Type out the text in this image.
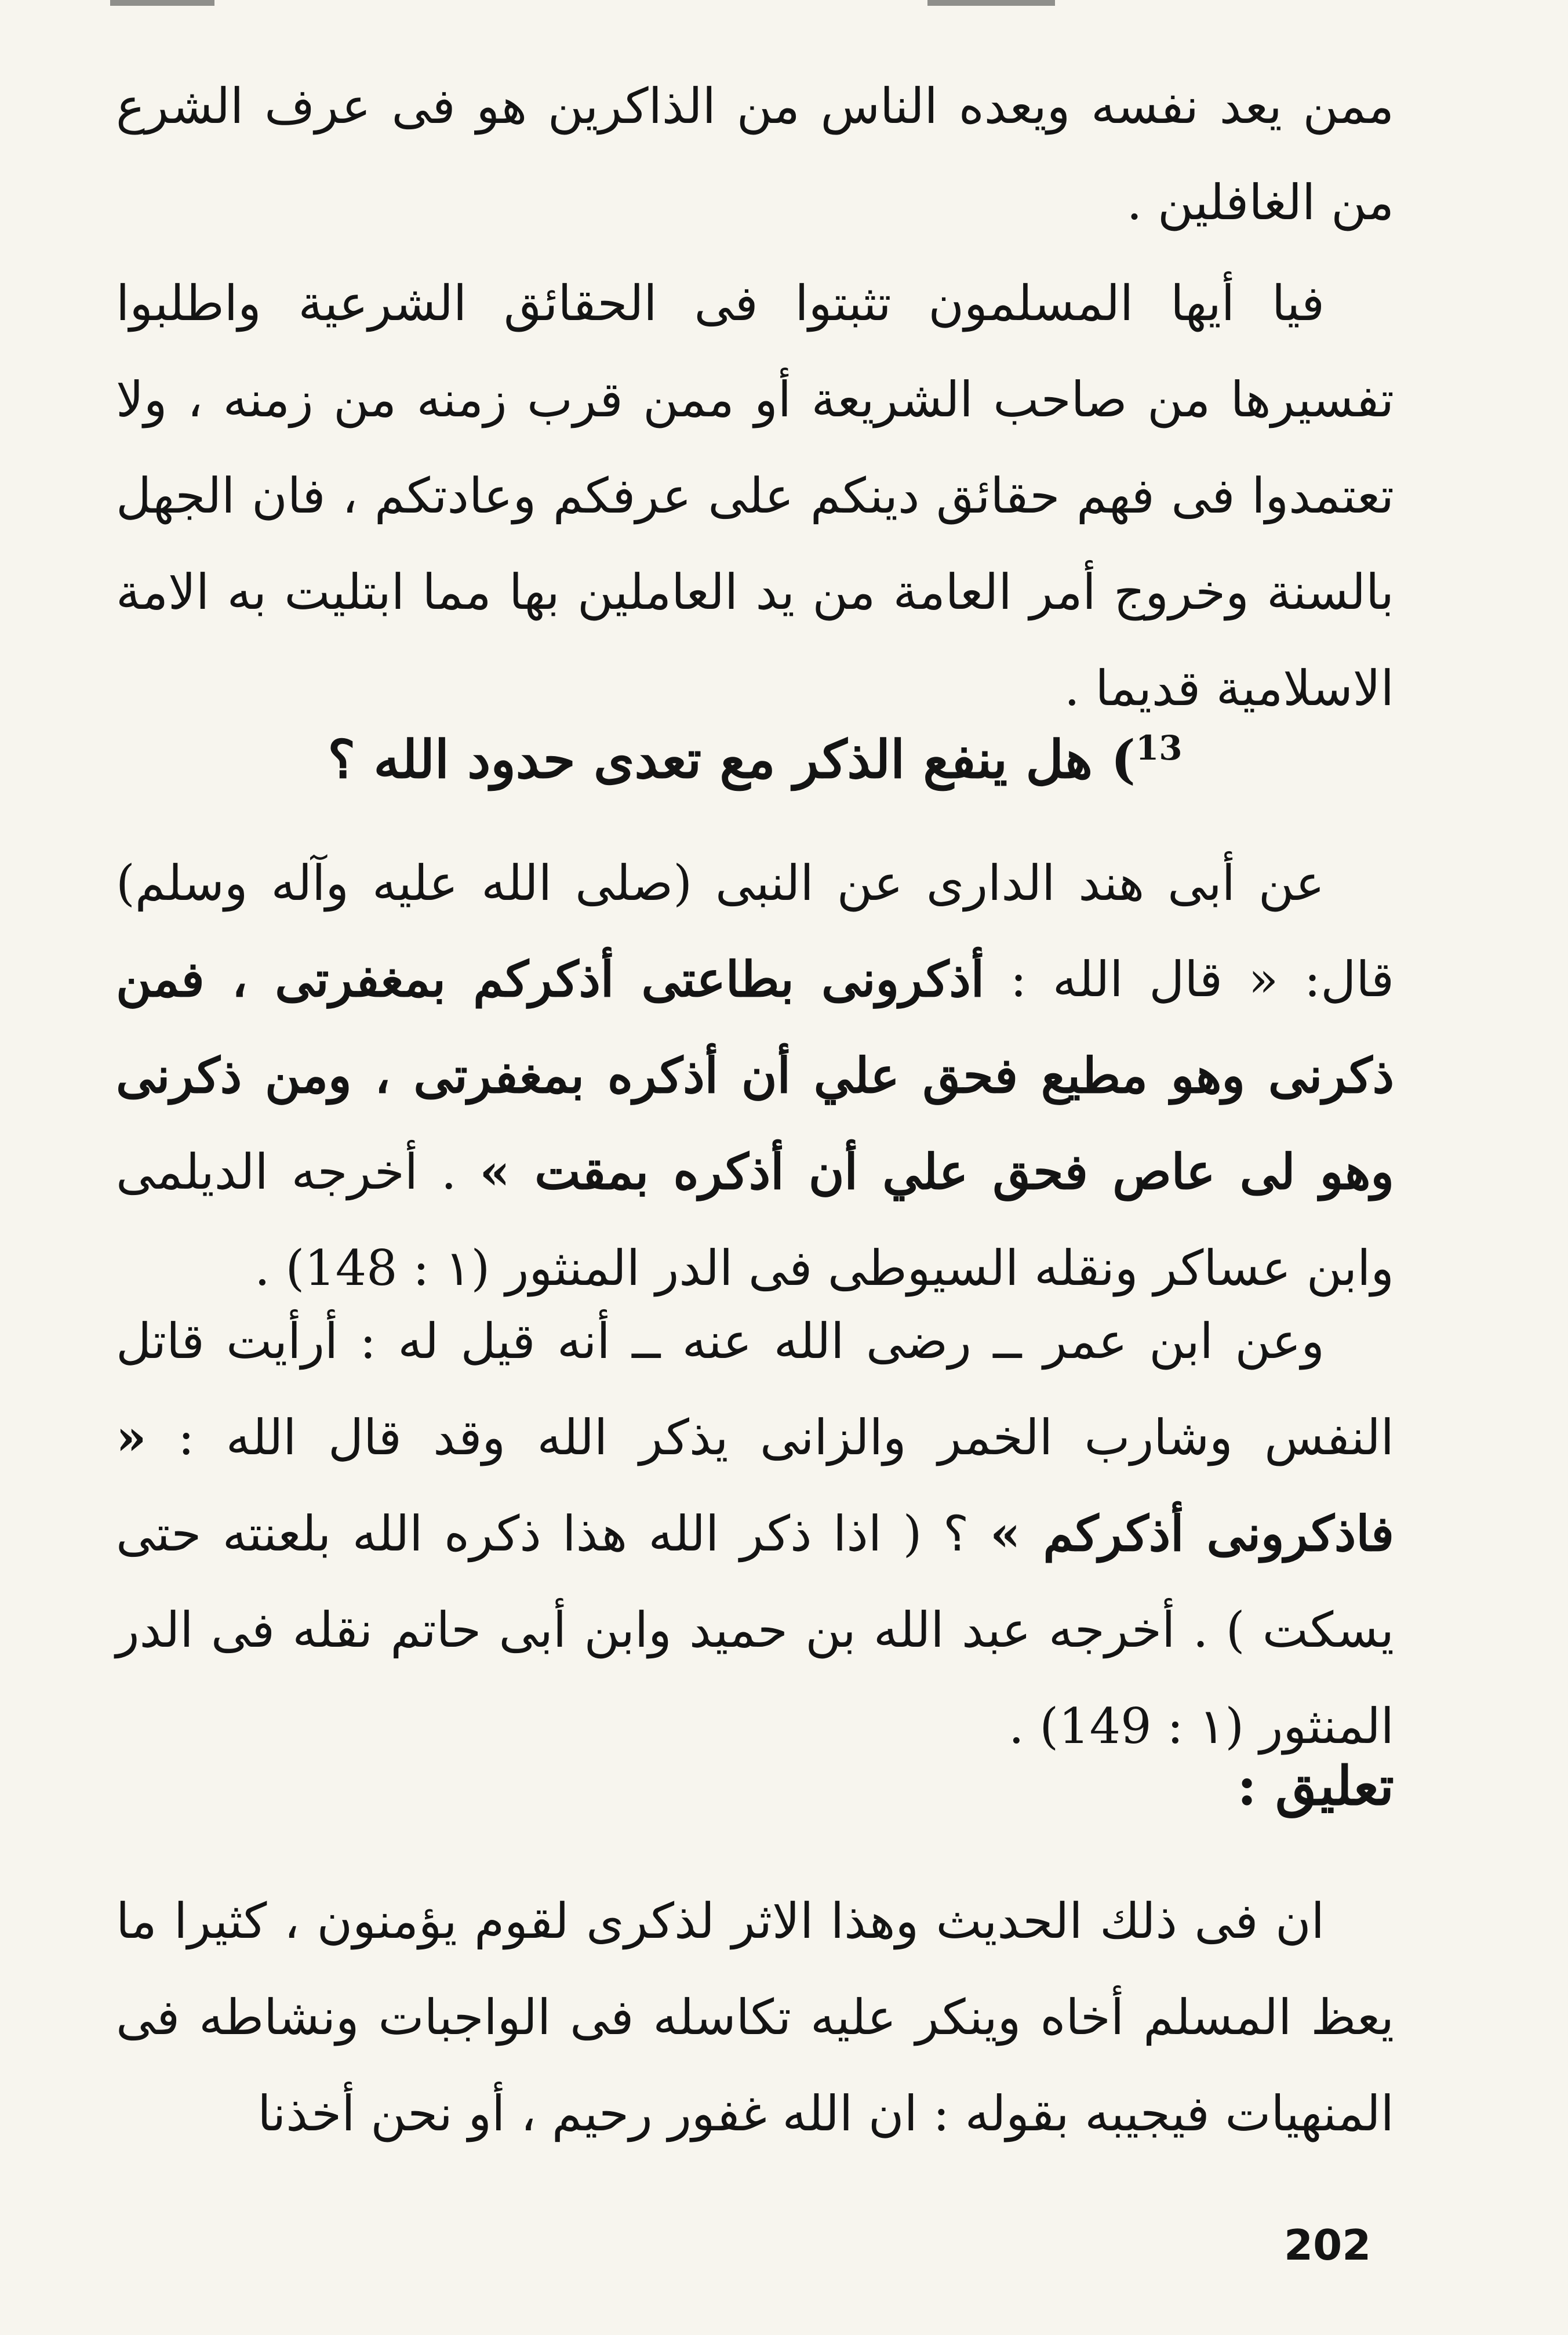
ممن يعد نفسه ويعده الناس من الذاكرين هو فى عرف الشرع من الغافلين .

فيا أيها المسلمون تثبتوا فى الحقائق الشرعية واطلبوا تفسيرها من صاحب الشريعة أو ممن قرب زمنه من زمنه ، ولا تعتمدوا فى فهم حقائق دينكم على عرفكم وعادتكم ، فان الجهل بالسنة وخروج أمر العامة من يد العاملين بها مما ابتليت به الامة الاسلامية قديما .

$^{13}$) هل ينفع الذكر مع تعدى حدود الله ؟

عن أبى هند الدارى عن النبى (صلى الله عليه وآله وسلم) قال: « قال الله : أذكرونى بطاعتى أذكركم بمغفرتى ، فمن ذكرنى وهو مطيع فحق علي أن أذكره بمغفرتى ، ومن ذكرنى وهو لى عاص فحق علي أن أذكره بمقت » . أخرجه الديلمى وابن عساكر ونقله السيوطى فى الدر المنثور (١ : 148) .

وعن ابن عمر ــ رضى الله عنه ــ أنه قيل له : أرأيت قاتل النفس وشارب الخمر والزانى يذكر الله وقد قال الله : « فاذكرونى أذكركم » ؟ ( اذا ذكر الله هذا ذكره الله بلعنته حتى يسكت ) . أخرجه عبد الله بن حميد وابن أبى حاتم نقله فى الدر المنثور (١ : 149) .

تعليق :

ان فى ذلك الحديث وهذا الاثر لذكرى لقوم يؤمنون ، كثيرا ما يعظ المسلم أخاه وينكر عليه تكاسله فى الواجبات ونشاطه فى المنهيات فيجيبه بقوله : ان الله غفور رحيم ، أو نحن أخذنا

202
